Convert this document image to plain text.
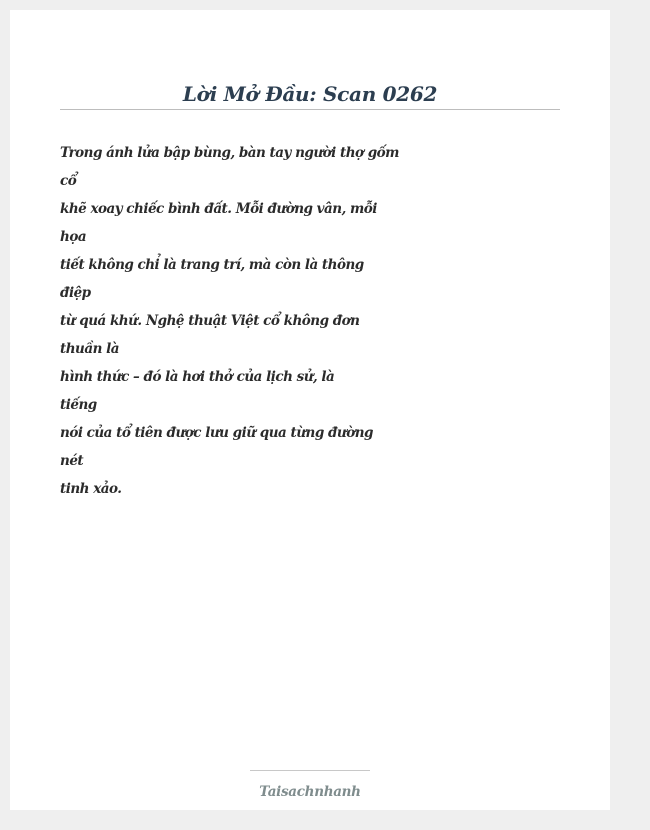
Lời Mở Đầu: Scan 0262
Trong ánh lửa bập bùng, bàn tay người thợ gốm
cổ
khẽ xoay chiếc bình đất. Mỗi đường vân, mỗi
họa
tiết không chỉ là trang trí, mà còn là thông
điệp
từ quá khứ. Nghệ thuật Việt cổ không đơn
thuần là
hình thức – đó là hơi thở của lịch sử, là
tiếng
nói của tổ tiên được lưu giữ qua từng đường
nét
tinh xảo.
Taisachnhanh
